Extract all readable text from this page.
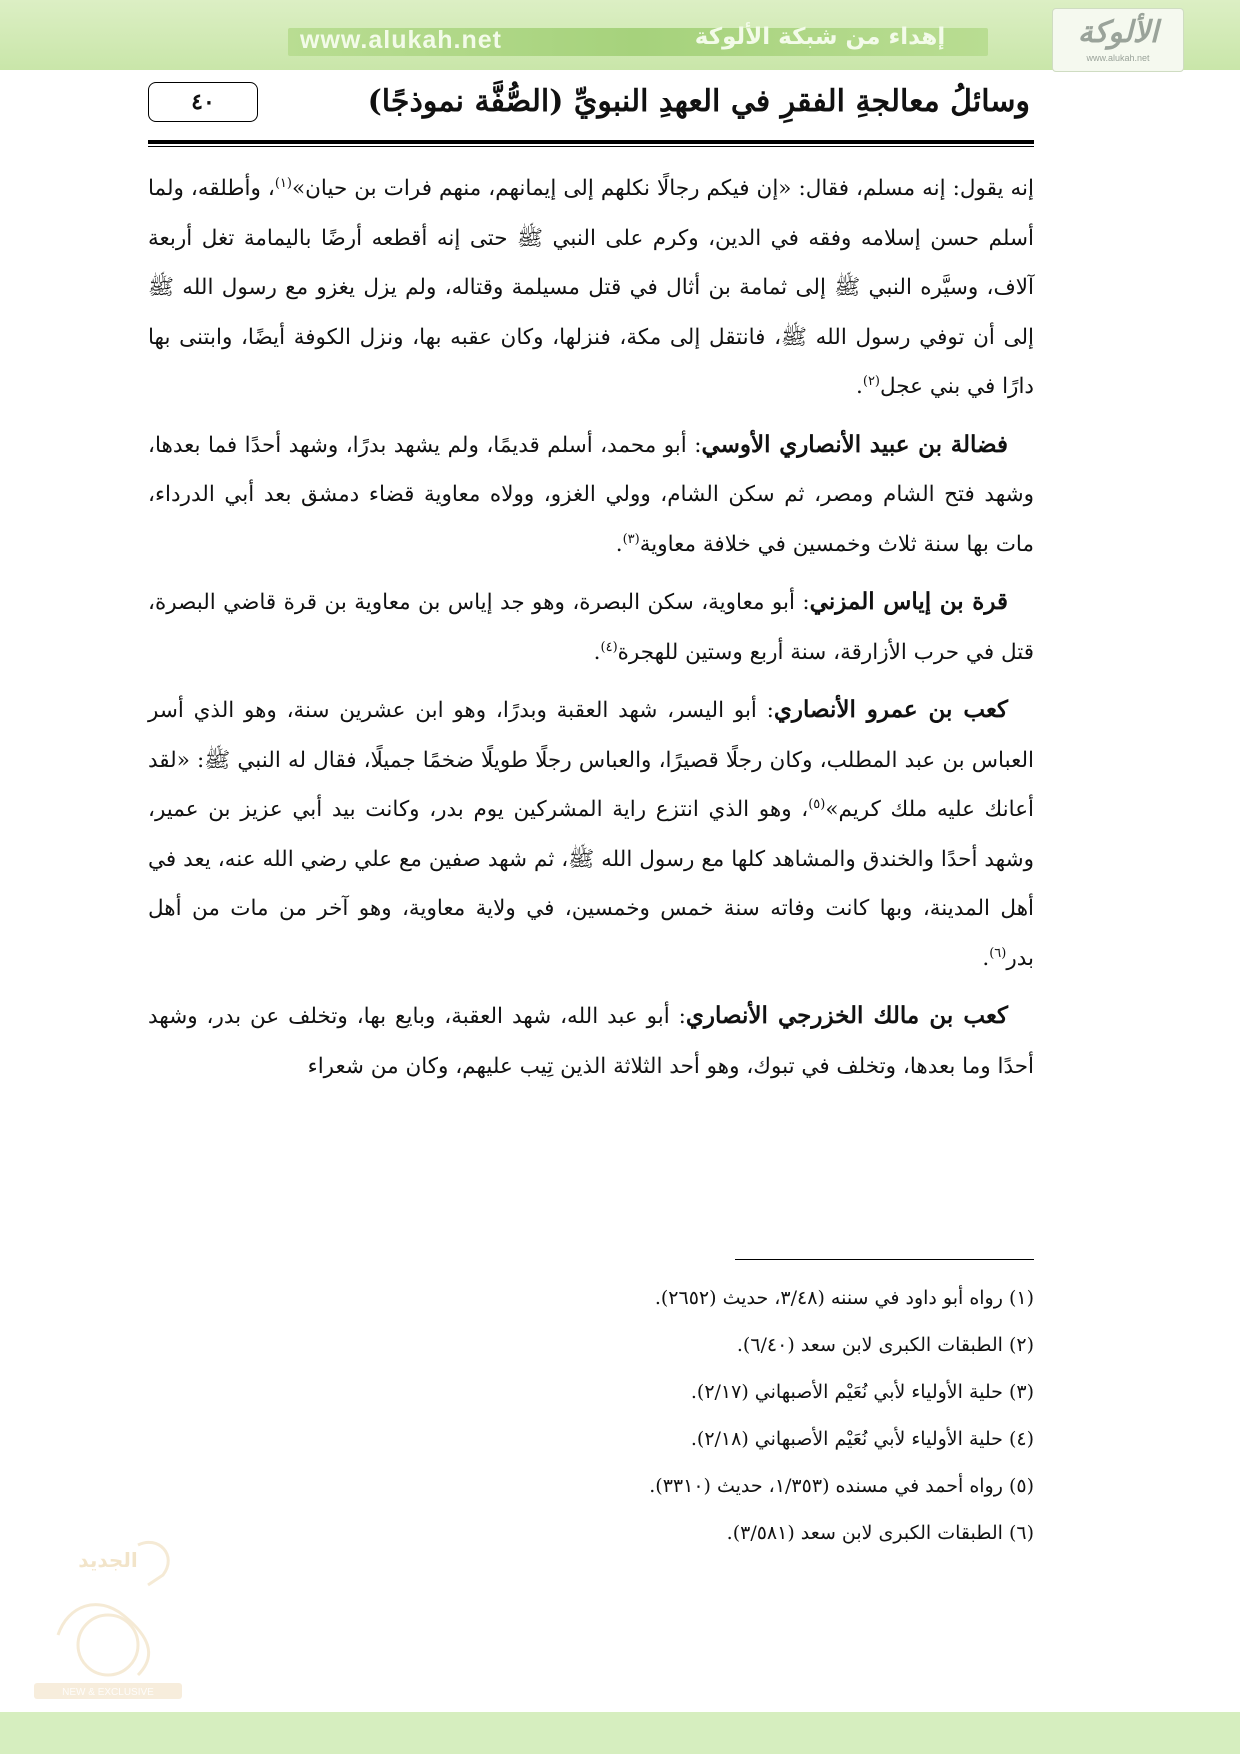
www.alukah.net	إهداء من شبكة الألوكة	الألوكة
www.alukah.net
٤٠	وسائلُ معالجةِ الفقرِ في العهدِ النبويِّ (الصُّفَّة نموذجًا)

إنه يقول: إنه مسلم، فقال: «إن فيكم رجالًا نكلهم إلى إيمانهم، منهم فرات بن حيان»$^{(١)}$، وأطلقه، ولما أسلم حسن إسلامه وفقه في الدين، وكرم على النبي ﷺ حتى إنه أقطعه أرضًا باليمامة تغل أربعة آلاف، وسيَّره النبي ﷺ إلى ثمامة بن أثال في قتل مسيلمة وقتاله، ولم يزل يغزو مع رسول الله ﷺ إلى أن توفي رسول الله ﷺ، فانتقل إلى مكة، فنزلها، وكان عقبه بها، ونزل الكوفة أيضًا، وابتنى بها دارًا في بني عجل$^{(٢)}$.

فضالة بن عبيد الأنصاري الأوسي: أبو محمد، أسلم قديمًا، ولم يشهد بدرًا، وشهد أحدًا فما بعدها، وشهد فتح الشام ومصر، ثم سكن الشام، وولي الغزو، وولاه معاوية قضاء دمشق بعد أبي الدرداء، مات بها سنة ثلاث وخمسين في خلافة معاوية$^{(٣)}$.

قرة بن إياس المزني: أبو معاوية، سكن البصرة، وهو جد إياس بن معاوية بن قرة قاضي البصرة، قتل في حرب الأزارقة، سنة أربع وستين للهجرة$^{(٤)}$.

كعب بن عمرو الأنصاري: أبو اليسر، شهد العقبة وبدرًا، وهو ابن عشرين سنة، وهو الذي أسر العباس بن عبد المطلب، وكان رجلًا قصيرًا، والعباس رجلًا طويلًا ضخمًا جميلًا، فقال له النبي ﷺ: «لقد أعانك عليه ملك كريم»$^{(٥)}$، وهو الذي انتزع راية المشركين يوم بدر، وكانت بيد أبي عزيز بن عمير، وشهد أحدًا والخندق والمشاهد كلها مع رسول الله ﷺ، ثم شهد صفين مع علي رضي الله عنه، يعد في أهل المدينة، وبها كانت وفاته سنة خمس وخمسين، في ولاية معاوية، وهو آخر من مات من أهل بدر$^{(٦)}$.

كعب بن مالك الخزرجي الأنصاري: أبو عبد الله، شهد العقبة، وبايع بها، وتخلف عن بدر، وشهد أحدًا وما بعدها، وتخلف في تبوك، وهو أحد الثلاثة الذين تِيب عليهم، وكان من شعراء

(١) رواه أبو داود في سننه (٣/٤٨، حديث (٢٦٥٢).
(٢) الطبقات الكبرى لابن سعد (٦/٤٠).
(٣) حلية الأولياء لأبي نُعَيْم الأصبهاني (٢/١٧).
(٤) حلية الأولياء لأبي نُعَيْم الأصبهاني (٢/١٨).
(٥) رواه أحمد في مسنده (١/٣٥٣، حديث (٣٣١٠).
(٦) الطبقات الكبرى لابن سعد (٣/٥٨١).
الجديد
NEW & EXCLUSIVE
